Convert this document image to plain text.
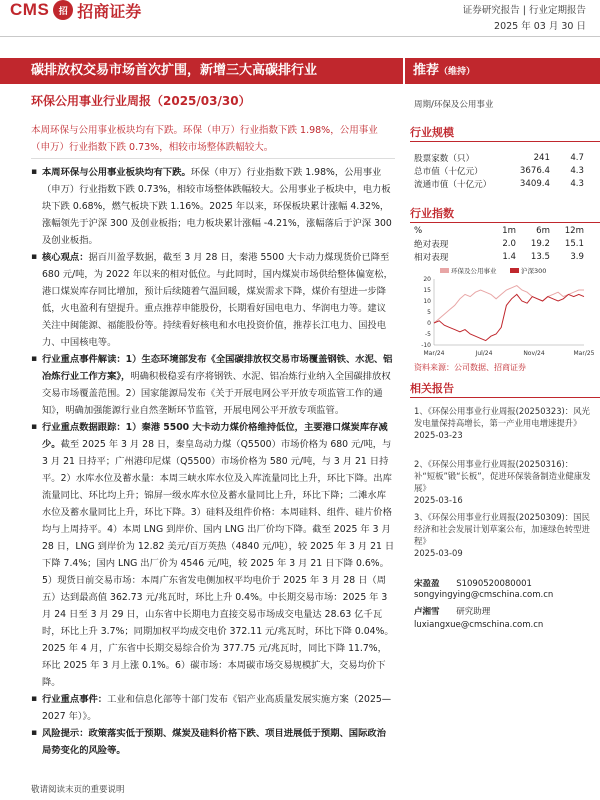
CMS	招 招商证券	证券研究报告 | 行业定期报告
2025 年 03 月 30 日
碳排放权交易市场首次扩围，新增三大高碳排行业	推荐（维持）
环保公用事业行业周报（2025/03/30）	周期/环保及公用事业
本周环保与公用事业板块均有下跌。环保（申万）行业指数下跌 1.98%，公用事业（申万）行业指数下跌 0.73%，相较市场整体跌幅较大。
▪ 本周环保与公用事业板块均有下跌。环保（申万）行业指数下跌 1.98%，公用事业（申万）行业指数下跌 0.73%，相较市场整体跌幅较大。公用事业子板块中，电力板块下跌 0.68%，燃气板块下跌 1.16%。2025 年以来，环保板块累计涨幅 4.32%，涨幅领先于沪深 300 及创业板指；电力板块累计涨幅 -4.21%，涨幅落后于沪深 300 及创业板指。
▪ 核心观点：据百川盈孚数据，截至 3 月 28 日，秦港 5500 大卡动力煤现货价已降至 680 元/吨，为 2022 年以来的相对低位。与此同时，国内煤炭市场供给整体偏宽松，港口煤炭库存同比增加，预计后续随着气温回暖，煤炭需求下降，煤价有望进一步降低，火电盈利有望提升。重点推荐申能股份，长期看好国电电力、华润电力等。建议关注中闽能源、福能股份等。持续看好核电和水电投资价值，推荐长江电力、国投电力、中国核电等。
▪ 行业重点事件解读：1）生态环境部发布《全国碳排放权交易市场覆盖钢铁、水泥、铝冶炼行业工作方案》，明确积极稳妥有序将钢铁、水泥、铝冶炼行业纳入全国碳排放权交易市场覆盖范围。2）国家能源局发布《关于开展电网公平开放专项监管工作的通知》，明确加强能源行业自然垄断环节监管，开展电网公平开放专项监管。
▪ 行业重点数据跟踪：1）秦港 5500 大卡动力煤价格维持低位，主要港口煤炭库存减少。截至 2025 年 3 月 28 日，秦皇岛动力煤（Q5500）市场价格为 680 元/吨，与 3 月 21 日持平；广州港印尼煤（Q5500）市场价格为 580 元/吨，与 3 月 21 日持平。2）水库水位及蓄水量：本周三峡水库水位及入库流量同比上升，环比下降。出库流量同比、环比均上升；锦屏一级水库水位及蓄水量同比上升，环比下降；二滩水库水位及蓄水量同比上升，环比下降。3）硅料及组件价格：本周硅料、组件、硅片价格均与上周持平。4）本周 LNG 到岸价、国内 LNG 出厂价均下降。截至 2025 年 3 月 28 日，LNG 到岸价为 12.82 美元/百万英热（4840 元/吨），较 2025 年 3 月 21 日下降 7.4%；国内 LNG 出厂价为 4546 元/吨，较 2025 年 3 月 21 日下降 0.6%。5）现货日前交易市场：本周广东省发电侧加权平均电价于 2025 年 3 月 28 日（周五）达到最高值 362.73 元/兆瓦时，环比上升 0.4%。中长期交易市场：2025 年 3 月 24 日至 3 月 29 日，山东省中长期电力直接交易市场成交电量达 28.63 亿千瓦时，环比上升 3.7%；同期加权平均成交电价 372.11 元/兆瓦时，环比下降 0.04%。2025 年 4 月，广东省中长期交易综合价为 377.75 元/兆瓦时，同比下降 11.7%，环比 2025 年 3 月上涨 0.1%。6）碳市场：本周碳市场交易规模扩大，交易均价下降。
▪ 行业重点事件：工业和信息化部等十部门发布《铝产业高质量发展实施方案（2025—2027 年）》。
▪ 风险提示：政策落实低于预期、煤炭及硅料价格下跌、项目进展低于预期、国际政治局势变化的风险等。
行业规模
股票家数（只）	241	4.7
总市值（十亿元）	3676.4	4.3
流通市值（十亿元）	3409.4	4.3
行业指数
%	1m	6m	12m
绝对表现	2.0	19.2	15.1
相对表现	1.4	13.5	3.9
环保及公用事业	沪深300
20
15
10
5
0
-5
-10
Mar/24	Jul/24	Nov/24	Mar/25
资料来源：公司数据、招商证券
相关报告
1、《环保公用事业行业周报(20250323)：风光发电量保持高增长，第一产业用电增速提升》
2025-03-23
2、《环保公用事业行业周报(20250316)：补“短板”锻“长板”，促进环保装备制造业健康发展》
2025-03-16
3、《环保公用事业行业周报(20250309)：国民经济和社会发展计划草案公布，加速绿色转型进程》
2025-03-09
宋盈盈 S1090520080001
songyingying@cmschina.com.cn
卢湘雪 研究助理
luxiangxue@cmschina.com.cn
敬请阅读末页的重要说明
